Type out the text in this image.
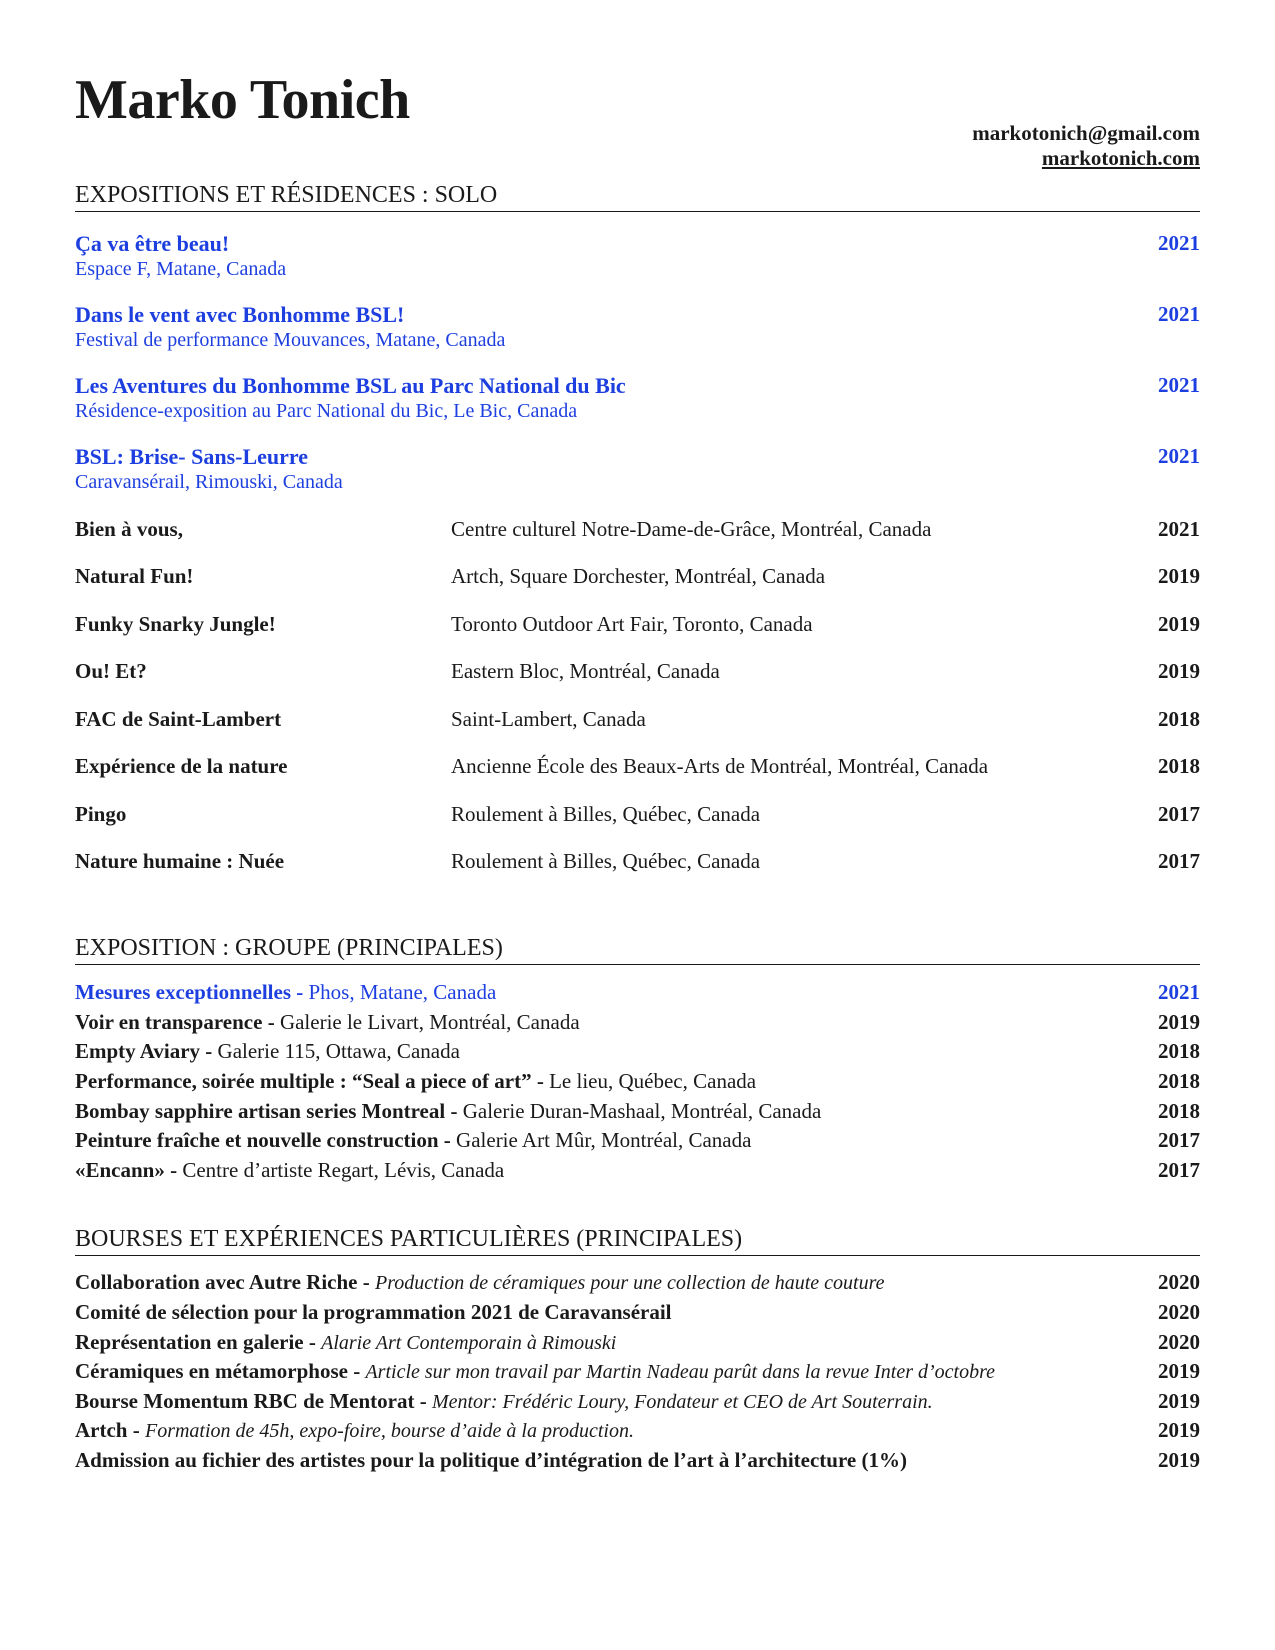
Marko Tonich
markotonich@gmail.com
markotonich.com
EXPOSITIONS ET RÉSIDENCES : SOLO
Ça va être beau!
Espace F, Matane, Canada
2021
Dans le vent avec Bonhomme BSL!
Festival de performance Mouvances, Matane, Canada
2021
Les Aventures du Bonhomme BSL au Parc National du Bic
Résidence-exposition au Parc National du Bic, Le Bic, Canada
2021
BSL: Brise- Sans-Leurre
Caravansérail, Rimouski, Canada
2021
Bien à vous,	Centre culturel Notre-Dame-de-Grâce, Montréal, Canada	2021
Natural Fun!	Artch, Square Dorchester, Montréal, Canada	2019
Funky Snarky Jungle!	Toronto Outdoor Art Fair, Toronto, Canada	2019
Ou! Et?	Eastern Bloc, Montréal, Canada	2019
FAC de Saint-Lambert	Saint-Lambert, Canada	2018
Expérience de la nature	Ancienne École des Beaux-Arts de Montréal, Montréal, Canada	2018
Pingo	Roulement à Billes, Québec, Canada	2017
Nature humaine : Nuée	Roulement à Billes, Québec, Canada	2017
EXPOSITION : GROUPE (PRINCIPALES)
Mesures exceptionnelles - Phos, Matane, Canada	2021
Voir en transparence - Galerie le Livart, Montréal, Canada	2019
Empty Aviary - Galerie 115, Ottawa, Canada	2018
Performance, soirée multiple : “Seal a piece of art” - Le lieu, Québec, Canada	2018
Bombay sapphire artisan series Montreal - Galerie Duran-Mashaal, Montréal, Canada	2018
Peinture fraîche et nouvelle construction - Galerie Art Mûr, Montréal, Canada	2017
«Encann» - Centre d’artiste Regart, Lévis, Canada	2017
BOURSES ET EXPÉRIENCES PARTICULIÈRES (PRINCIPALES)
Collaboration avec Autre Riche - Production de céramiques pour une collection de haute couture	2020
Comité de sélection pour la programmation 2021 de Caravansérail	2020
Représentation en galerie - Alarie Art Contemporain à Rimouski	2020
Céramiques en métamorphose - Article sur mon travail par Martin Nadeau parût dans la revue Inter d’octobre	2019
Bourse Momentum RBC de Mentorat - Mentor: Frédéric Loury, Fondateur et CEO de Art Souterrain.	2019
Artch - Formation de 45h, expo-foire, bourse d’aide à la production.	2019
Admission au fichier des artistes pour la politique d’intégration de l’art à l’architecture (1%)	2019
